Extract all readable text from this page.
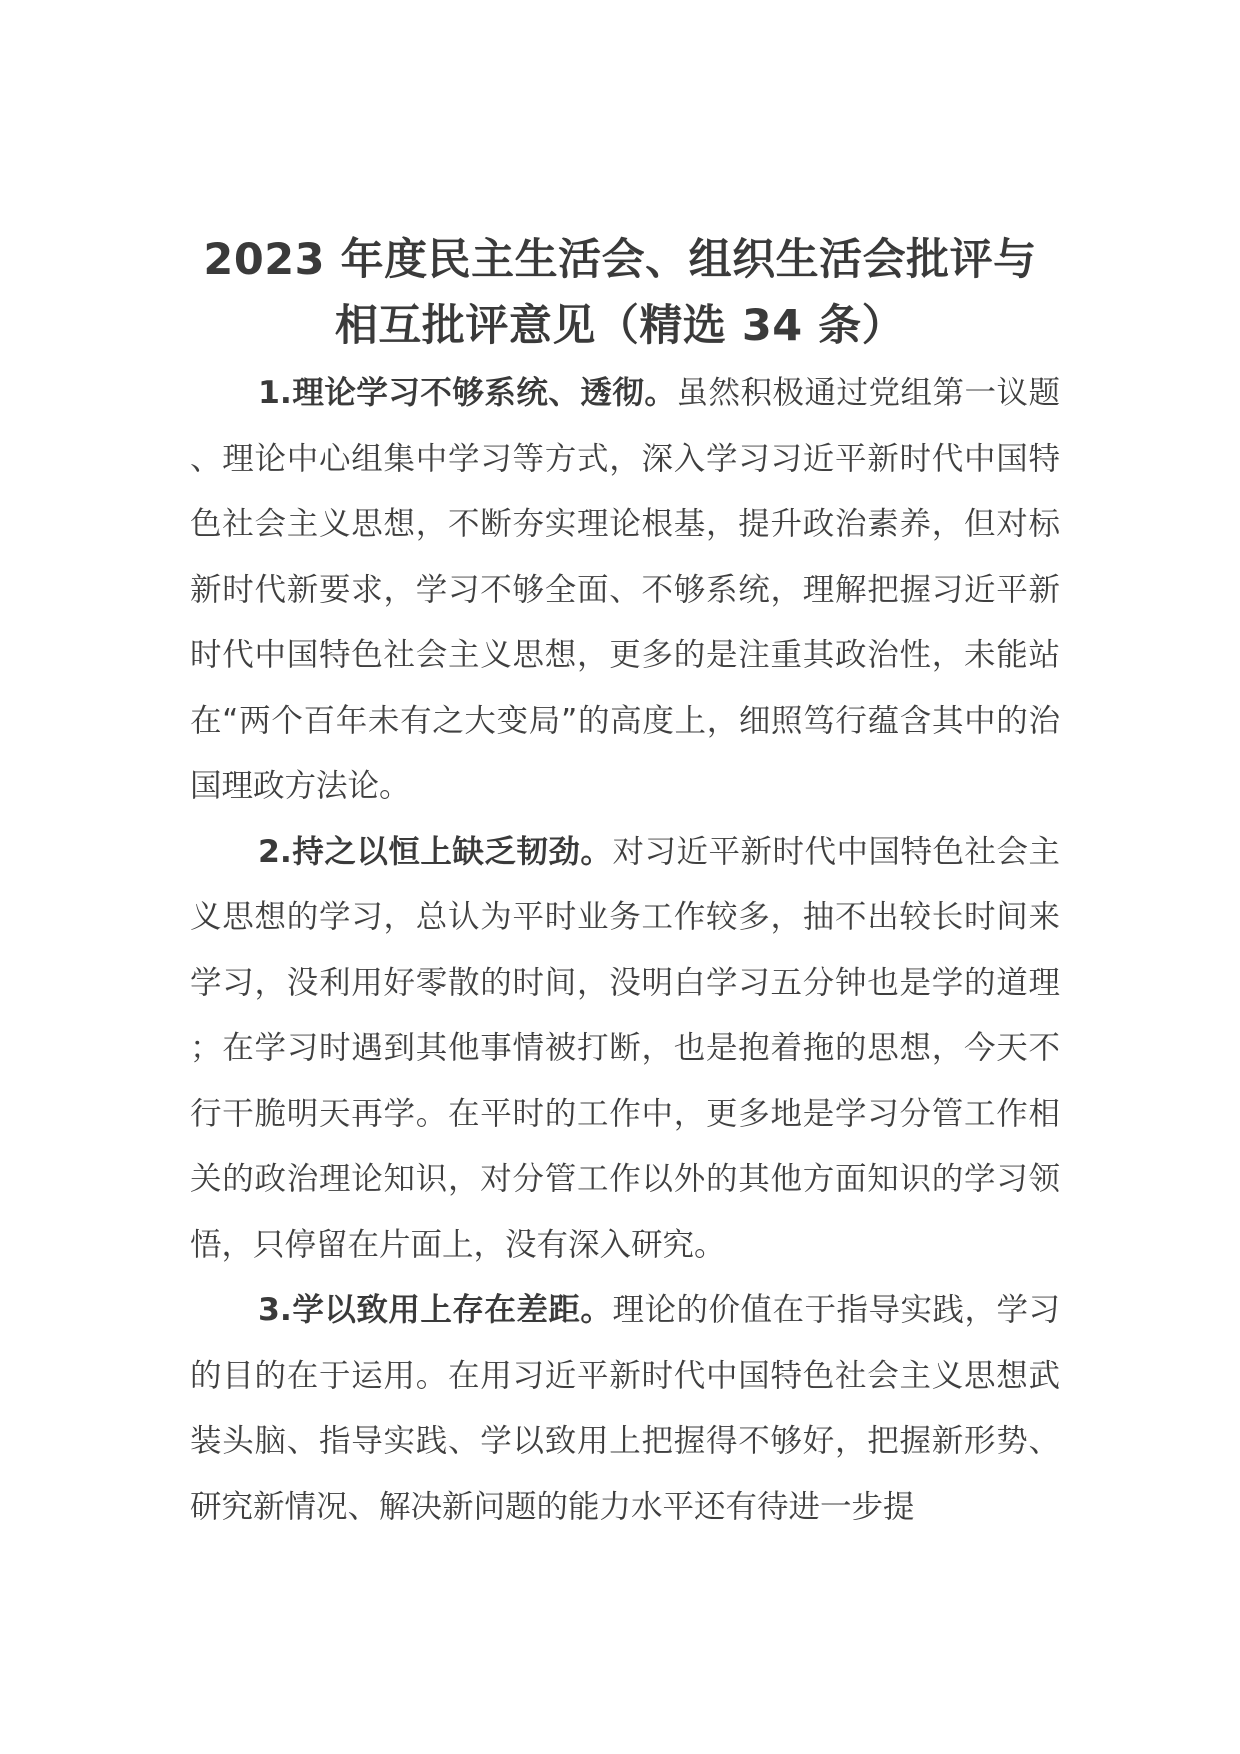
2023 年度民主生活会、组织生活会批评与
相互批评意见（精选 34 条）

1.理论学习不够系统、透彻。虽然积极通过党组第一议题、理论中心组集中学习等方式，深入学习习近平新时代中国特色社会主义思想，不断夯实理论根基，提升政治素养，但对标新时代新要求，学习不够全面、不够系统，理解把握习近平新时代中国特色社会主义思想，更多的是注重其政治性，未能站在“两个百年未有之大变局”的高度上，细照笃行蕴含其中的治国理政方法论。

2.持之以恒上缺乏韧劲。对习近平新时代中国特色社会主义思想的学习，总认为平时业务工作较多，抽不出较长时间来学习，没利用好零散的时间，没明白学习五分钟也是学的道理；在学习时遇到其他事情被打断，也是抱着拖的思想，今天不行干脆明天再学。在平时的工作中，更多地是学习分管工作相关的政治理论知识，对分管工作以外的其他方面知识的学习领悟，只停留在片面上，没有深入研究。

3.学以致用上存在差距。理论的价值在于指导实践，学习的目的在于运用。在用习近平新时代中国特色社会主义思想武装头脑、指导实践、学以致用上把握得不够好，把握新形势、研究新情况、解决新问题的能力水平还有待进一步提
